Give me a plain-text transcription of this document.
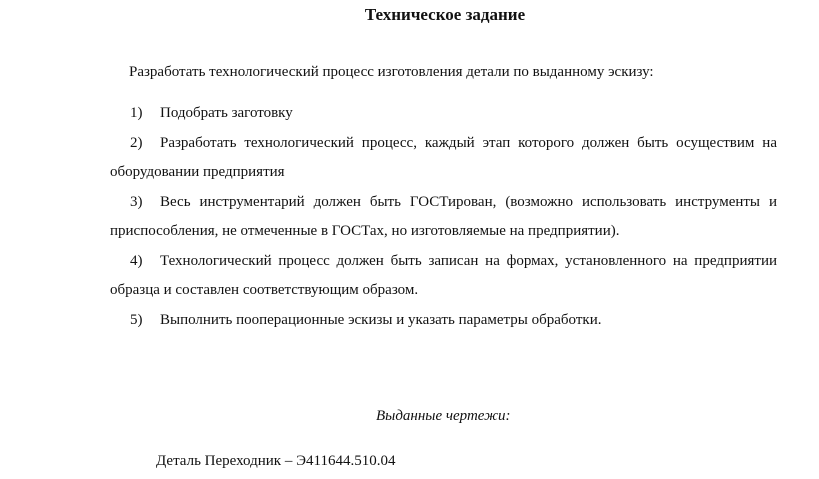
Техническое задание
Разработать технологический процесс изготовления детали по выданному эскизу:

1) Подобрать заготовку

2) Разработать технологический процесс, каждый этап которого должен быть осуществим на оборудовании предприятия

3) Весь инструментарий должен быть ГОСТирован, (возможно использовать инструменты и приспособления, не отмеченные в ГОСТах, но изготовляемые на предприятии).

4) Технологический процесс должен быть записан на формах, установленного на предприятии образца и составлен соответствующим образом.

5) Выполнить пооперационные эскизы и указать параметры обработки.

Выданные чертежи:
Деталь Переходник – Э411644.510.04
